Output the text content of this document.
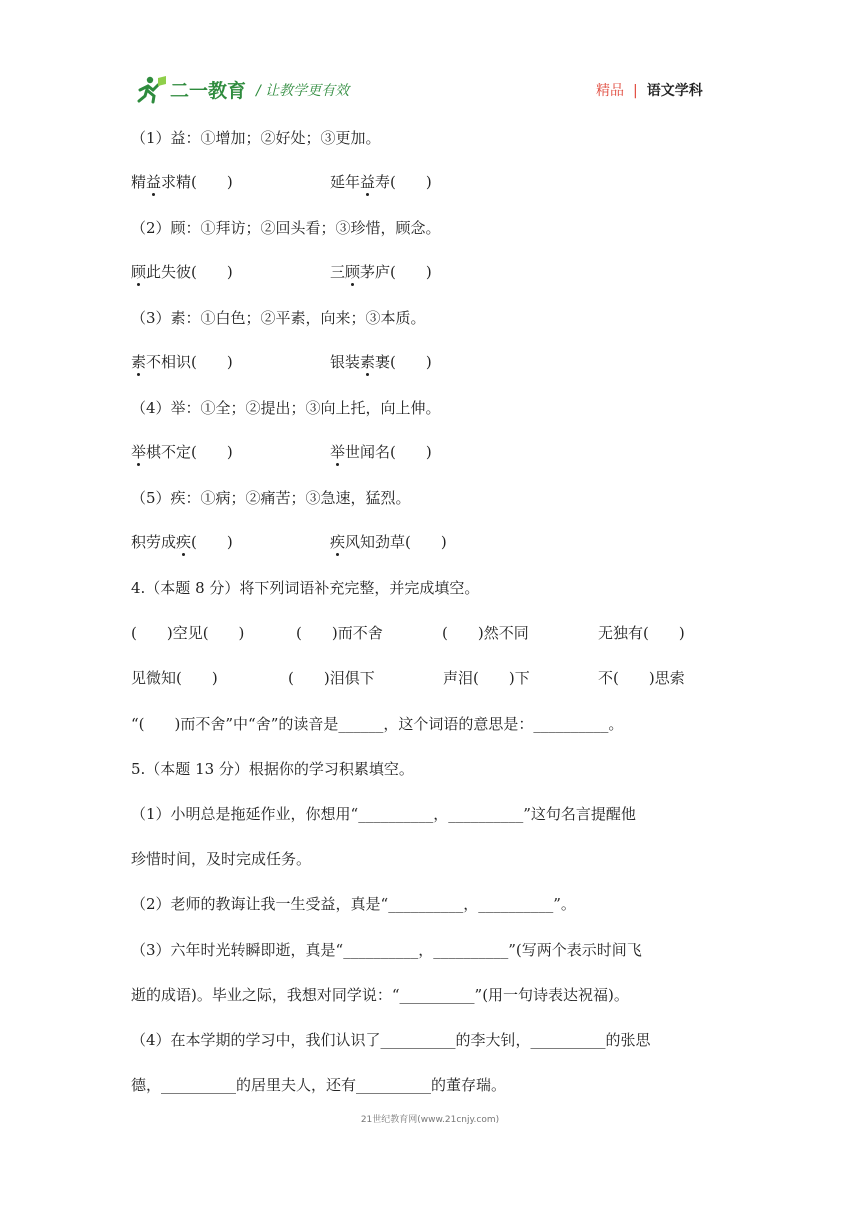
二一教育 / 让教学更有效	精品 | 语文学科
（1）益：①增加；②好处；③更加。
精益求精(　　)	延年益寿(　　)
（2）顾：①拜访；②回头看；③珍惜，顾念。
顾此失彼(　　)	三顾茅庐(　　)
（3）素：①白色；②平素，向来；③本质。
素不相识(　　)	银装素裹(　　)
（4）举：①全；②提出；③向上托，向上伸。
举棋不定(　　)	举世闻名(　　)
（5）疾：①病；②痛苦；③急速，猛烈。
积劳成疾(　　)	疾风知劲草(　　)
4.（本题 8 分）将下列词语补充完整，并完成填空。
(　　)空见(　　)	(　　)而不舍	(　　)然不同	无独有(　　)
见微知(　　)	(　　)泪俱下	声泪(　　)下	不(　　)思索
“(　　)而不舍”中“舍”的读音是______，这个词语的意思是：__________。
5.（本题 13 分）根据你的学习积累填空。
（1）小明总是拖延作业，你想用“__________，__________”这句名言提醒他
珍惜时间，及时完成任务。
（2）老师的教诲让我一生受益，真是“__________，__________”。
（3）六年时光转瞬即逝，真是“__________，__________”(写两个表示时间飞
逝的成语)。毕业之际，我想对同学说：“__________”(用一句诗表达祝福)。
（4）在本学期的学习中，我们认识了__________的李大钊，__________的张思
德，__________的居里夫人，还有__________的董存瑞。
21世纪教育网(www.21cnjy.com)
